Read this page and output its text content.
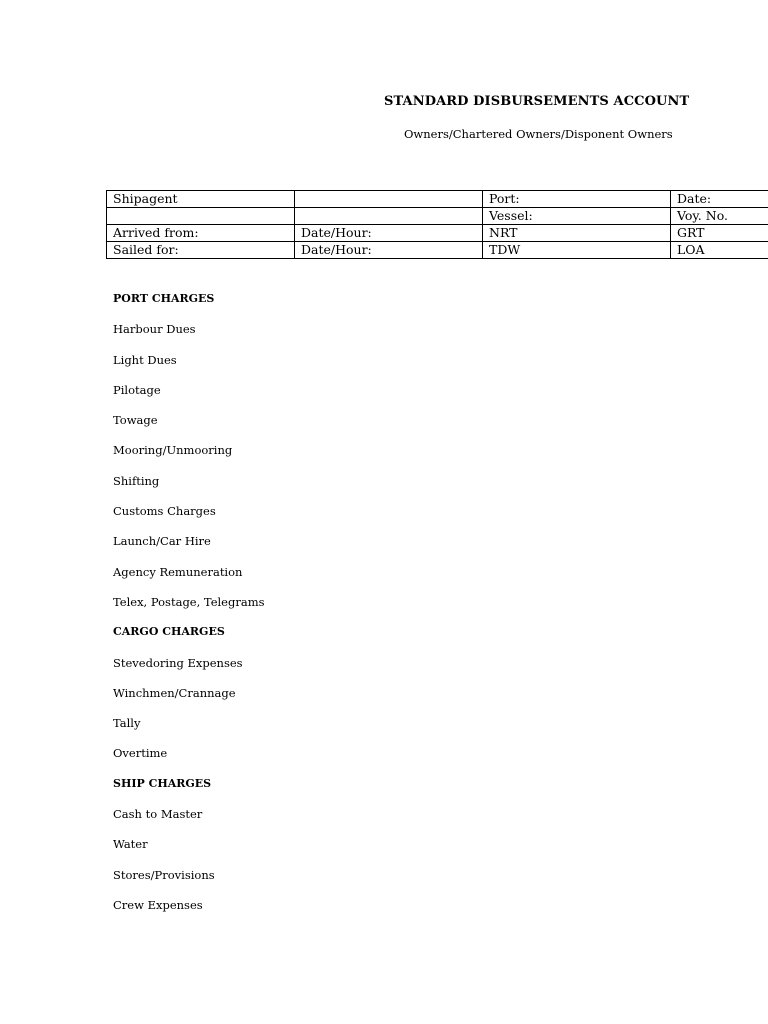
STANDARD DISBURSEMENTS ACCOUNT
Owners/Chartered Owners/Disponent Owners
Shipagent		Port:	Date:
		Vessel:	Voy. No.
Arrived from:	Date/Hour:	NRT	GRT
Sailed for:	Date/Hour:	TDW	LOA
PORT CHARGES
Harbour Dues
Light Dues
Pilotage
Towage
Mooring/Unmooring
Shifting
Customs Charges
Launch/Car Hire
Agency Remuneration
Telex, Postage, Telegrams
CARGO CHARGES
Stevedoring Expenses
Winchmen/Crannage
Tally
Overtime
SHIP CHARGES
Cash to Master
Water
Stores/Provisions
Crew Expenses
